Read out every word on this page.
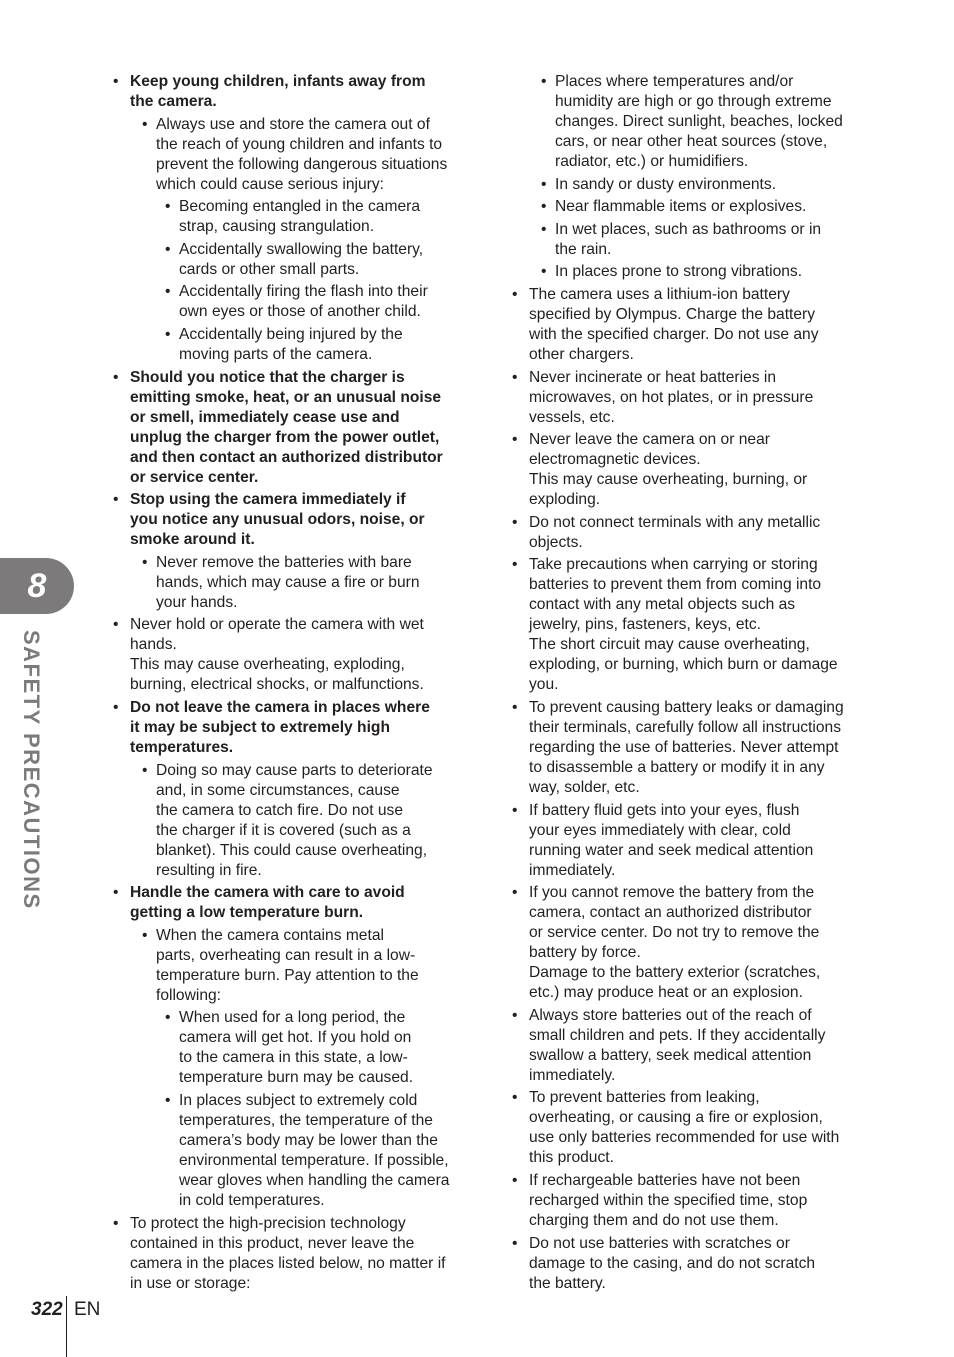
• Keep young children, infants away from
the camera.
• Always use and store the camera out of
the reach of young children and infants to
prevent the following dangerous situations
which could cause serious injury:
• Becoming entangled in the camera
strap, causing strangulation.
• Accidentally swallowing the battery,
cards or other small parts.
• Accidentally firing the flash into their
own eyes or those of another child.
• Accidentally being injured by the
moving parts of the camera.
• Should you notice that the charger is
emitting smoke, heat, or an unusual noise
or smell, immediately cease use and
unplug the charger from the power outlet,
and then contact an authorized distributor
or service center.
• Stop using the camera immediately if
you notice any unusual odors, noise, or
smoke around it.
• Never remove the batteries with bare
hands, which may cause a fire or burn
your hands.
• Never hold or operate the camera with wet
hands.
This may cause overheating, exploding,
burning, electrical shocks, or malfunctions.
• Do not leave the camera in places where
it may be subject to extremely high
temperatures.
• Doing so may cause parts to deteriorate
and, in some circumstances, cause
the camera to catch fire. Do not use
the charger if it is covered (such as a
blanket). This could cause overheating,
resulting in fire.
• Handle the camera with care to avoid
getting a low temperature burn.
• When the camera contains metal
parts, overheating can result in a low-
temperature burn. Pay attention to the
following:
• When used for a long period, the
camera will get hot. If you hold on
to the camera in this state, a low-
temperature burn may be caused.
• In places subject to extremely cold
temperatures, the temperature of the
camera’s body may be lower than the
environmental temperature. If possible,
wear gloves when handling the camera
in cold temperatures.
• To protect the high-precision technology
contained in this product, never leave the
camera in the places listed below, no matter if
in use or storage:
• Places where temperatures and/or
humidity are high or go through extreme
changes. Direct sunlight, beaches, locked
cars, or near other heat sources (stove,
radiator, etc.) or humidifiers.
• In sandy or dusty environments.
• Near flammable items or explosives.
• In wet places, such as bathrooms or in
the rain.
• In places prone to strong vibrations.
• The camera uses a lithium-ion battery
specified by Olympus. Charge the battery
with the specified charger. Do not use any
other chargers.
• Never incinerate or heat batteries in
microwaves, on hot plates, or in pressure
vessels, etc.
• Never leave the camera on or near
electromagnetic devices.
This may cause overheating, burning, or
exploding.
• Do not connect terminals with any metallic
objects.
• Take precautions when carrying or storing
batteries to prevent them from coming into
contact with any metal objects such as
jewelry, pins, fasteners, keys, etc.
The short circuit may cause overheating,
exploding, or burning, which burn or damage
you.
• To prevent causing battery leaks or damaging
their terminals, carefully follow all instructions
regarding the use of batteries. Never attempt
to disassemble a battery or modify it in any
way, solder, etc.
• If battery fluid gets into your eyes, flush
your eyes immediately with clear, cold
running water and seek medical attention
immediately.
• If you cannot remove the battery from the
camera, contact an authorized distributor
or service center. Do not try to remove the
battery by force.
Damage to the battery exterior (scratches,
etc.) may produce heat or an explosion.
• Always store batteries out of the reach of
small children and pets. If they accidentally
swallow a battery, seek medical attention
immediately.
• To prevent batteries from leaking,
overheating, or causing a fire or explosion,
use only batteries recommended for use with
this product.
• If rechargeable batteries have not been
recharged within the specified time, stop
charging them and do not use them.
• Do not use batteries with scratches or
damage to the casing, and do not scratch
the battery.
8
SAFETY PRECAUTIONS
322 EN
